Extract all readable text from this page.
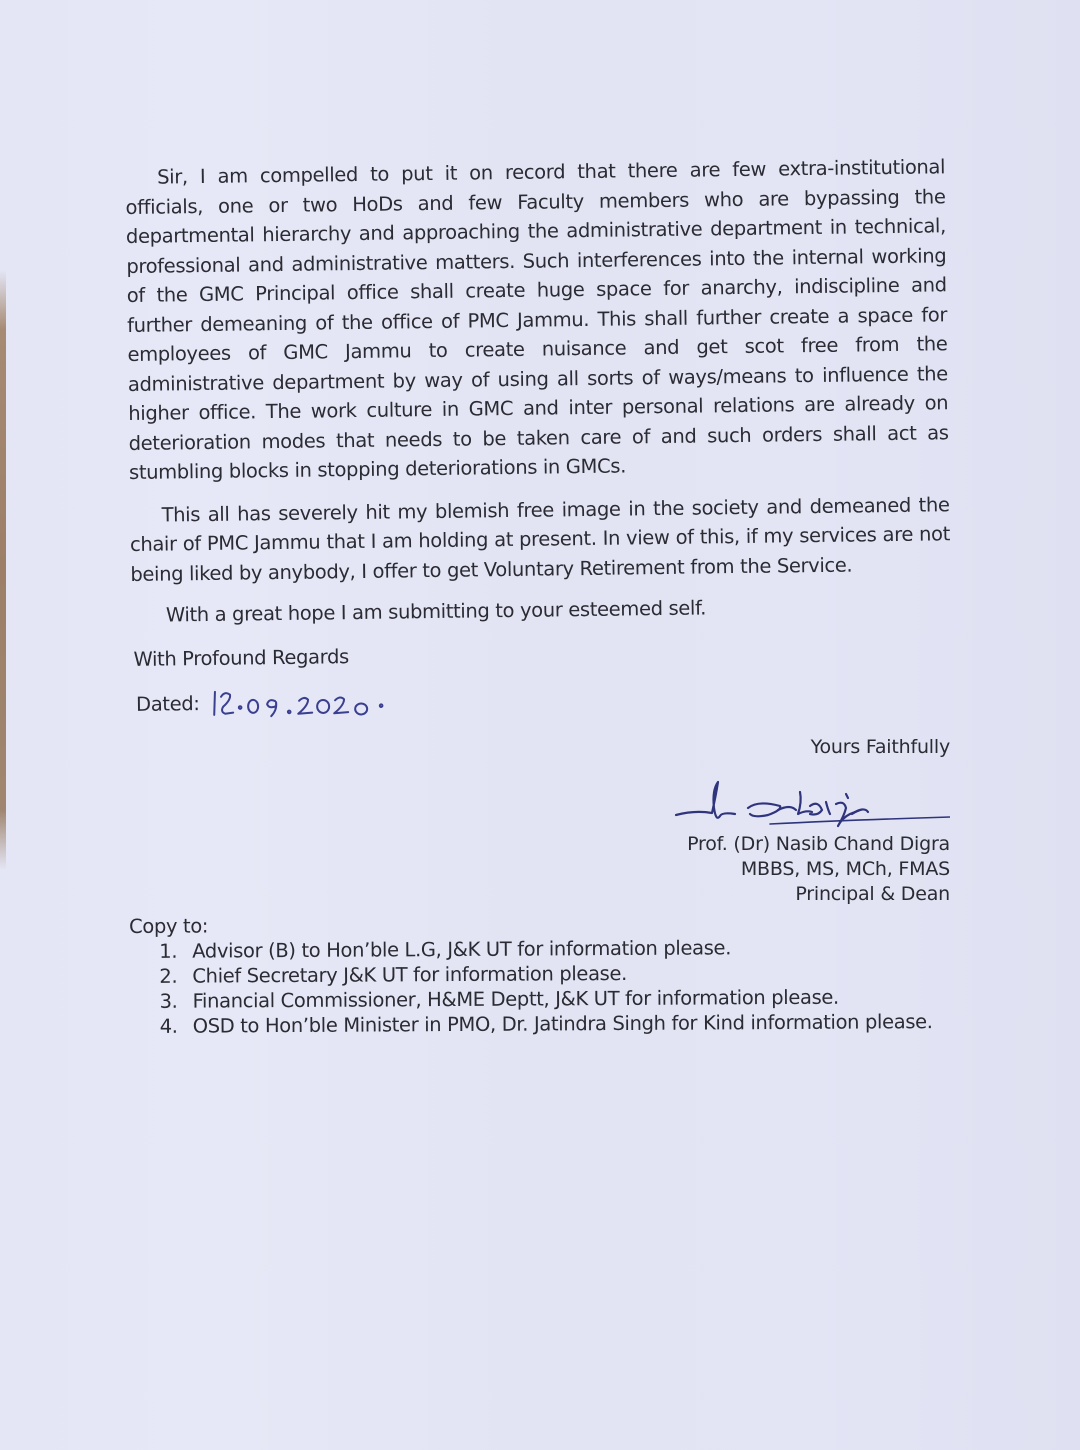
Sir, I am compelled to put it on record that there are few extra-institutional officials, one or two HoDs and few Faculty members who are bypassing the departmental hierarchy and approaching the administrative department in technical, professional and administrative matters. Such interferences into the internal working of the GMC Principal office shall create huge space for anarchy, indiscipline and further demeaning of the office of PMC Jammu. This shall further create a space for employees of GMC Jammu to create nuisance and get scot free from the administrative department by way of using all sorts of ways/means to influence the higher office. The work culture in GMC and inter personal relations are already on deterioration modes that needs to be taken care of and such orders shall act as stumbling blocks in stopping deteriorations in GMCs.

This all has severely hit my blemish free image in the society and demeaned the chair of PMC Jammu that I am holding at present. In view of this, if my services are not being liked by anybody, I offer to get Voluntary Retirement from the Service.

With a great hope I am submitting to your esteemed self.

With Profound Regards

Dated:

Yours Faithfully

Prof. (Dr) Nasib Chand Digra

MBBS, MS, MCh, FMAS

Principal & Dean

Copy to:

1. Advisor (B) to Hon’ble L.G, J&K UT for information please.
2. Chief Secretary J&K UT for information please.
3. Financial Commissioner, H&ME Deptt, J&K UT for information please.
4. OSD to Hon’ble Minister in PMO, Dr. Jatindra Singh for Kind information please.
